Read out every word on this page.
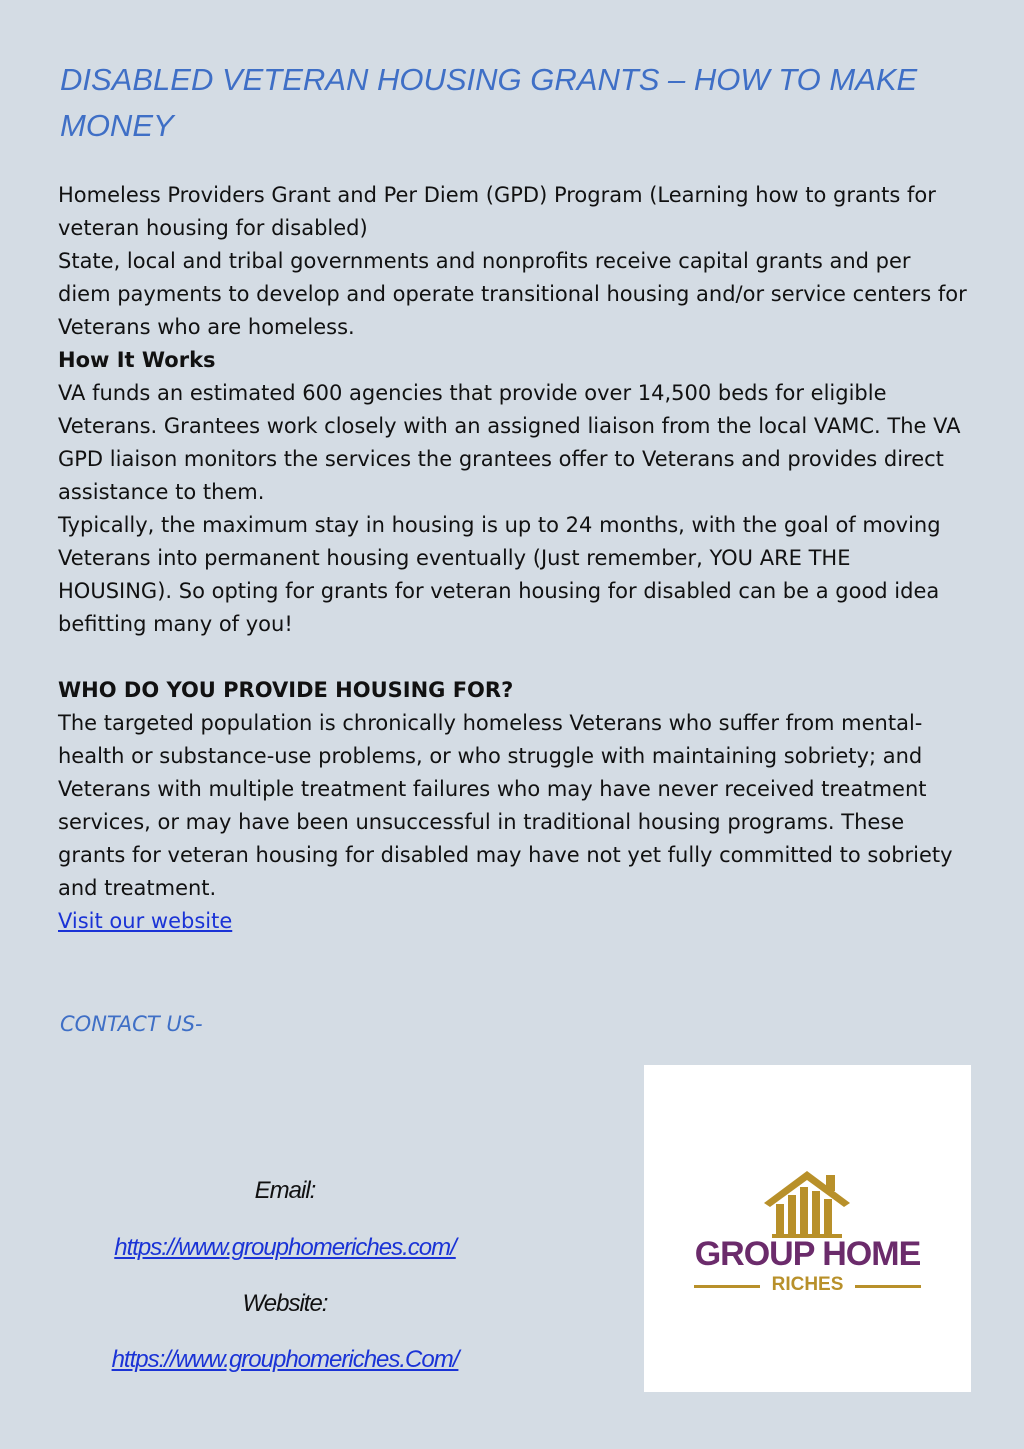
DISABLED VETERAN HOUSING GRANTS – HOW TO MAKE MONEY

Homeless Providers Grant and Per Diem (GPD) Program (Learning how to grants for veteran housing for disabled)

State, local and tribal governments and nonprofits receive capital grants and per diem payments to develop and operate transitional housing and/or service centers for Veterans who are homeless.

How It Works

VA funds an estimated 600 agencies that provide over 14,500 beds for eligible Veterans. Grantees work closely with an assigned liaison from the local VAMC. The VA GPD liaison monitors the services the grantees offer to Veterans and provides direct assistance to them.

Typically, the maximum stay in housing is up to 24 months, with the goal of moving Veterans into permanent housing eventually (Just remember, YOU ARE THE HOUSING). So opting for grants for veteran housing for disabled can be a good idea befitting many of you!

WHO DO YOU PROVIDE HOUSING FOR?

The targeted population is chronically homeless Veterans who suffer from mental-health or substance-use problems, or who struggle with maintaining sobriety; and Veterans with multiple treatment failures who may have never received treatment services, or may have been unsuccessful in traditional housing programs. These grants for veteran housing for disabled may have not yet fully committed to sobriety and treatment.

Visit our website

CONTACT US-
Email:
https://www.grouphomeriches.com/
Website:
https://www.grouphomeriches.Com/
GROUP HOME
RICHES
